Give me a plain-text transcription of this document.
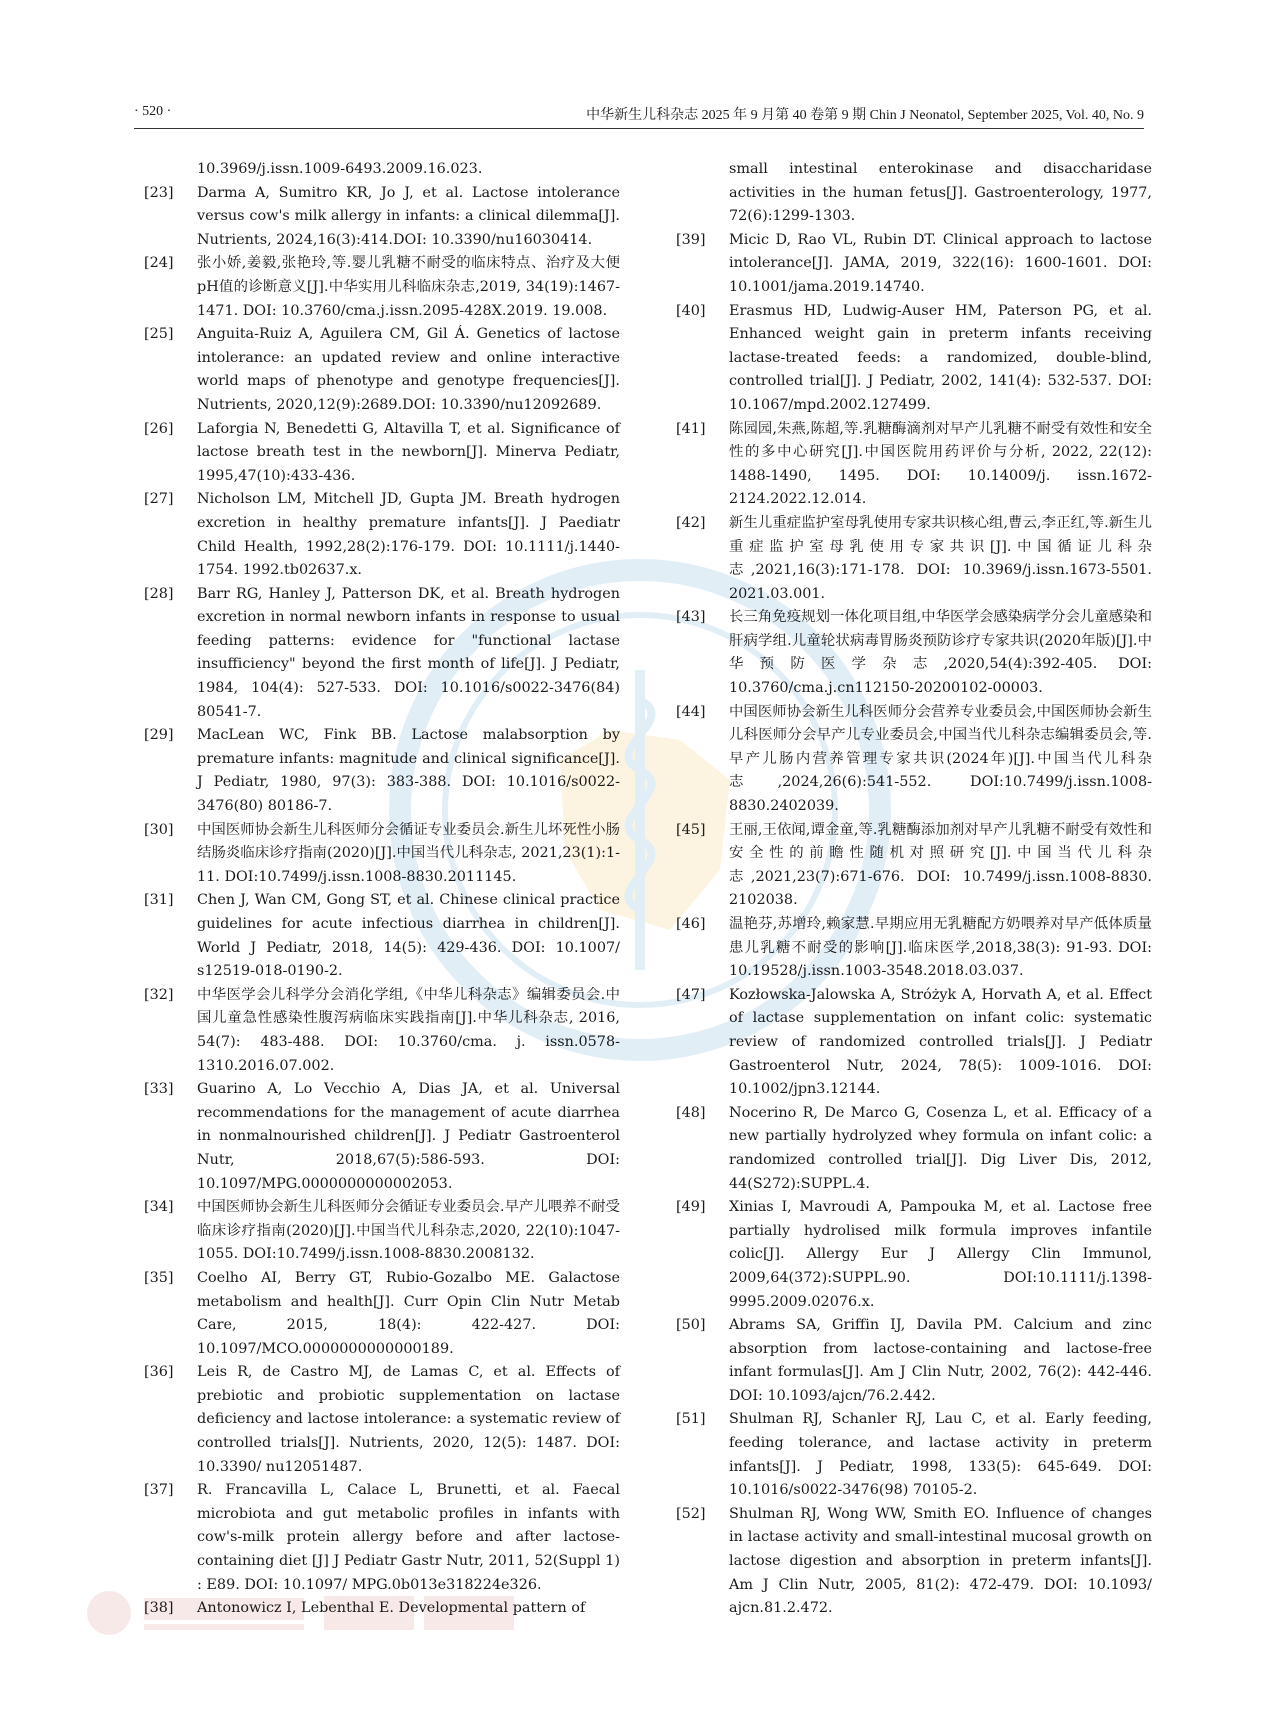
· 520 ·	中华新生儿科杂志 2025 年 9 月第 40 卷第 9 期 Chin J Neonatol, September 2025, Vol. 40, No. 9

10.3969/j.issn.1009-6493.2009.16.023.

[23] Darma A, Sumitro KR, Jo J, et al. Lactose intolerance versus cow's milk allergy in infants: a clinical dilemma[J]. Nutrients, 2024,16(3):414.DOI: 10.3390/nu16030414.

[24] 张小娇,姜毅,张艳玲,等.婴儿乳糖不耐受的临床特点、治疗及大便pH值的诊断意义[J].中华实用儿科临床杂志,2019, 34(19):1467-1471. DOI: 10.3760/cma.j.issn.2095-428X.2019. 19.008.

[25] Anguita-Ruiz A, Aguilera CM, Gil Á. Genetics of lactose intolerance: an updated review and online interactive world maps of phenotype and genotype frequencies[J]. Nutrients, 2020,12(9):2689.DOI: 10.3390/nu12092689.

[26] Laforgia N, Benedetti G, Altavilla T, et al. Significance of lactose breath test in the newborn[J]. Minerva Pediatr, 1995,47(10):433-436.

[27] Nicholson LM, Mitchell JD, Gupta JM. Breath hydrogen excretion in healthy premature infants[J]. J Paediatr Child Health, 1992,28(2):176-179. DOI: 10.1111/j.1440-1754. 1992.tb02637.x.

[28] Barr RG, Hanley J, Patterson DK, et al. Breath hydrogen excretion in normal newborn infants in response to usual feeding patterns: evidence for "functional lactase insufficiency" beyond the first month of life[J]. J Pediatr, 1984, 104(4): 527-533. DOI: 10.1016/s0022-3476(84) 80541-7.

[29] MacLean WC, Fink BB. Lactose malabsorption by premature infants: magnitude and clinical significance[J]. J Pediatr, 1980, 97(3): 383-388. DOI: 10.1016/s0022-3476(80) 80186-7.

[30] 中国医师协会新生儿科医师分会循证专业委员会.新生儿坏死性小肠结肠炎临床诊疗指南(2020)[J].中国当代儿科杂志, 2021,23(1):1-11. DOI:10.7499/j.issn.1008-8830.2011145.

[31] Chen J, Wan CM, Gong ST, et al. Chinese clinical practice guidelines for acute infectious diarrhea in children[J]. World J Pediatr, 2018, 14(5): 429-436. DOI: 10.1007/ s12519-018-0190-2.

[32] 中华医学会儿科学分会消化学组,《中华儿科杂志》编辑委员会.中国儿童急性感染性腹泻病临床实践指南[J].中华儿科杂志, 2016, 54(7): 483-488. DOI: 10.3760/cma. j. issn.0578-1310.2016.07.002.

[33] Guarino A, Lo Vecchio A, Dias JA, et al. Universal recommendations for the management of acute diarrhea in nonmalnourished children[J]. J Pediatr Gastroenterol Nutr, 2018,67(5):586-593. DOI: 10.1097/MPG.0000000000002053.

[34] 中国医师协会新生儿科医师分会循证专业委员会.早产儿喂养不耐受临床诊疗指南(2020)[J].中国当代儿科杂志,2020, 22(10):1047-1055. DOI:10.7499/j.issn.1008-8830.2008132.

[35] Coelho AI, Berry GT, Rubio-Gozalbo ME. Galactose metabolism and health[J]. Curr Opin Clin Nutr Metab Care, 2015, 18(4): 422-427. DOI: 10.1097/MCO.0000000000000189.

[36] Leis R, de Castro MJ, de Lamas C, et al. Effects of prebiotic and probiotic supplementation on lactase deficiency and lactose intolerance: a systematic review of controlled trials[J]. Nutrients, 2020, 12(5): 1487. DOI: 10.3390/ nu12051487.

[37] R. Francavilla L, Calace L, Brunetti, et al. Faecal microbiota and gut metabolic profiles in infants with cow's-milk protein allergy before and after lactose-containing diet [J] J Pediatr Gastr Nutr, 2011, 52(Suppl 1) : E89. DOI: 10.1097/ MPG.0b013e318224e326.

[38] Antonowicz I, Lebenthal E. Developmental pattern of

small intestinal enterokinase and disaccharidase activities in the human fetus[J]. Gastroenterology, 1977, 72(6):1299-1303.

[39] Micic D, Rao VL, Rubin DT. Clinical approach to lactose intolerance[J]. JAMA, 2019, 322(16): 1600-1601. DOI: 10.1001/jama.2019.14740.

[40] Erasmus HD, Ludwig-Auser HM, Paterson PG, et al. Enhanced weight gain in preterm infants receiving lactase-treated feeds: a randomized, double-blind, controlled trial[J]. J Pediatr, 2002, 141(4): 532-537. DOI: 10.1067/mpd.2002.127499.

[41] 陈园园,朱燕,陈超,等.乳糖酶滴剂对早产儿乳糖不耐受有效性和安全性的多中心研究[J].中国医院用药评价与分析, 2022, 22(12): 1488-1490, 1495. DOI: 10.14009/j. issn.1672-2124.2022.12.014.

[42] 新生儿重症监护室母乳使用专家共识核心组,曹云,李正红,等.新生儿重症监护室母乳使用专家共识[J].中国循证儿科杂志,2021,16(3):171-178. DOI: 10.3969/j.issn.1673-5501. 2021.03.001.

[43] 长三角免疫规划一体化项目组,中华医学会感染病学分会儿童感染和肝病学组.儿童轮状病毒胃肠炎预防诊疗专家共识(2020年版)[J].中华预防医学杂志,2020,54(4):392-405. DOI: 10.3760/cma.j.cn112150-20200102-00003.

[44] 中国医师协会新生儿科医师分会营养专业委员会,中国医师协会新生儿科医师分会早产儿专业委员会,中国当代儿科杂志编辑委员会,等.早产儿肠内营养管理专家共识(2024年)[J].中国当代儿科杂志,2024,26(6):541-552. DOI:10.7499/j.issn.1008-8830.2402039.

[45] 王丽,王依闻,谭金童,等.乳糖酶添加剂对早产儿乳糖不耐受有效性和安全性的前瞻性随机对照研究[J].中国当代儿科杂志,2021,23(7):671-676. DOI: 10.7499/j.issn.1008-8830. 2102038.

[46] 温艳芬,苏增玲,赖家慧.早期应用无乳糖配方奶喂养对早产低体质量患儿乳糖不耐受的影响[J].临床医学,2018,38(3): 91-93. DOI: 10.19528/j.issn.1003-3548.2018.03.037.

[47] Kozłowska-Jalowska A, Stróżyk A, Horvath A, et al. Effect of lactase supplementation on infant colic: systematic review of randomized controlled trials[J]. J Pediatr Gastroenterol Nutr, 2024, 78(5): 1009-1016. DOI: 10.1002/jpn3.12144.

[48] Nocerino R, De Marco G, Cosenza L, et al. Efficacy of a new partially hydrolyzed whey formula on infant colic: a randomized controlled trial[J]. Dig Liver Dis, 2012, 44(S272):SUPPL.4.

[49] Xinias I, Mavroudi A, Pampouka M, et al. Lactose free partially hydrolised milk formula improves infantile colic[J]. Allergy Eur J Allergy Clin Immunol, 2009,64(372):SUPPL.90. DOI:10.1111/j.1398-9995.2009.02076.x.

[50] Abrams SA, Griffin IJ, Davila PM. Calcium and zinc absorption from lactose-containing and lactose-free infant formulas[J]. Am J Clin Nutr, 2002, 76(2): 442-446. DOI: 10.1093/ajcn/76.2.442.

[51] Shulman RJ, Schanler RJ, Lau C, et al. Early feeding, feeding tolerance, and lactase activity in preterm infants[J]. J Pediatr, 1998, 133(5): 645-649. DOI: 10.1016/s0022-3476(98) 70105-2.

[52] Shulman RJ, Wong WW, Smith EO. Influence of changes in lactase activity and small-intestinal mucosal growth on lactose digestion and absorption in preterm infants[J]. Am J Clin Nutr, 2005, 81(2): 472-479. DOI: 10.1093/ ajcn.81.2.472.
